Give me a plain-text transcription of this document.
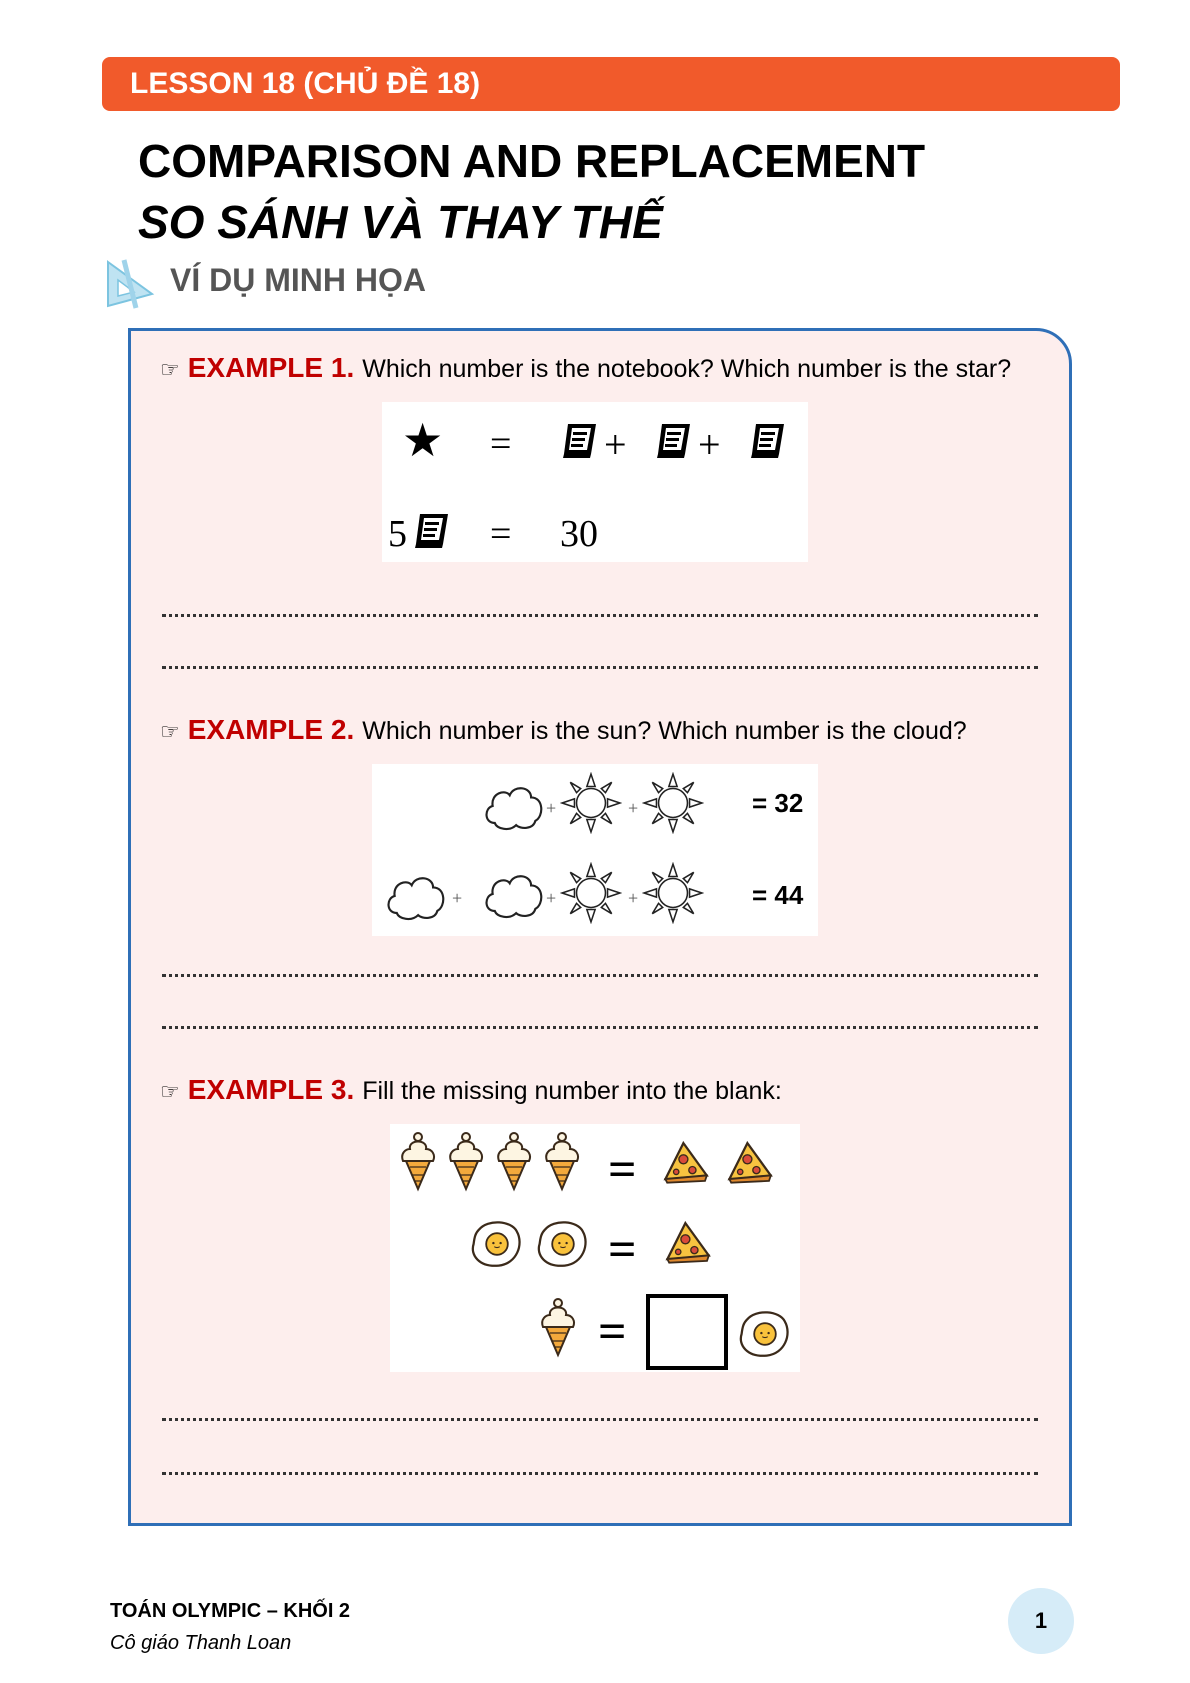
LESSON 18 (CHỦ ĐỀ 18)
COMPARISON AND REPLACEMENT
SO SÁNH VÀ THAY THẾ
VÍ DỤ MINH HỌA
☞ EXAMPLE 1. Which number is the notebook? Which number is the star?
★ = + +
5 = 30
☞ EXAMPLE 2. Which number is the sun? Which number is the cloud?
+	+	= 32
+	+	+	= 44
☞ EXAMPLE 3. Fill the missing number into the blank:
=
=
=
TOÁN OLYMPIC – KHỐI 2
Cô giáo Thanh Loan
1
